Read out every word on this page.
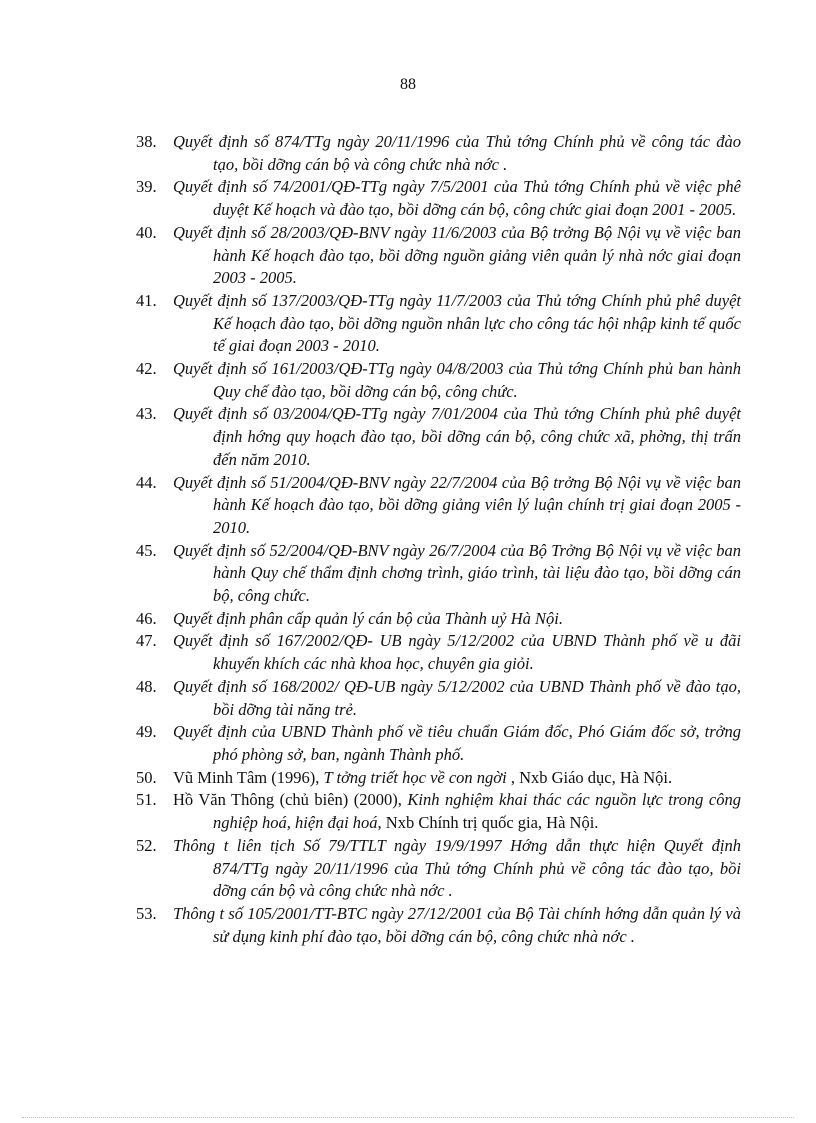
88
38. Quyết định số 874/TTg ngày 20/11/1996 của Thủ tớng Chính phủ về công tác đào tạo, bồi dỡng cán bộ và công chức nhà nớc .
39. Quyết định số 74/2001/QĐ-TTg ngày 7/5/2001 của Thủ tớng Chính phủ về việc phê duyệt Kế hoạch và đào tạo, bồi dỡng cán bộ, công chức giai đoạn 2001 - 2005.
40. Quyết định số 28/2003/QĐ-BNV ngày 11/6/2003 của Bộ trởng Bộ Nội vụ về việc ban hành Kế hoạch đào tạo, bồi dỡng nguồn giảng viên quản lý nhà nớc giai đoạn 2003 - 2005.
41. Quyết định số 137/2003/QĐ-TTg ngày 11/7/2003 của Thủ tớng Chính phủ phê duyệt Kế hoạch đào tạo, bồi dỡng nguồn nhân lực cho công tác hội nhập kinh tế quốc tế giai đoạn 2003 - 2010.
42. Quyết định số 161/2003/QĐ-TTg ngày 04/8/2003 của Thủ tớng Chính phủ ban hành Quy chế đào tạo, bồi dỡng cán bộ, công chức.
43. Quyết định số 03/2004/QĐ-TTg ngày 7/01/2004 của Thủ tớng Chính phủ phê duyệt định hớng quy hoạch đào tạo, bồi dỡng cán bộ, công chức xã, phờng, thị trấn đến năm 2010.
44. Quyết định số 51/2004/QĐ-BNV ngày 22/7/2004 của Bộ trởng Bộ Nội vụ về việc ban hành Kế hoạch đào tạo, bồi dỡng giảng viên lý luận chính trị giai đoạn 2005 - 2010.
45. Quyết định số 52/2004/QĐ-BNV ngày 26/7/2004 của Bộ Trởng Bộ Nội vụ về việc ban hành Quy chế thẩm định chơng trình, giáo trình, tài liệu đào tạo, bồi dỡng cán bộ, công chức.
46. Quyết định phân cấp quản lý cán bộ của Thành uỷ Hà Nội.
47. Quyết định số 167/2002/QĐ- UB ngày 5/12/2002 của UBND Thành phố về u đãi khuyến khích các nhà khoa học, chuyên gia giỏi.
48. Quyết định số 168/2002/ QĐ-UB ngày 5/12/2002 của UBND Thành phố về đào tạo, bồi dỡng tài năng trẻ.
49. Quyết định của UBND Thành phố về tiêu chuẩn Giám đốc, Phó Giám đốc sở, trởng phó phòng sở, ban, ngành Thành phố.
50. Vũ Minh Tâm (1996), T tởng triết học về con ngời , Nxb Giáo dục, Hà Nội.
51. Hồ Văn Thông (chủ biên) (2000), Kinh nghiệm khai thác các nguồn lực trong công nghiệp hoá, hiện đại hoá, Nxb Chính trị quốc gia, Hà Nội.
52. Thông t liên tịch Số 79/TTLT ngày 19/9/1997 Hớng dẫn thực hiện Quyết định 874/TTg ngày 20/11/1996 của Thủ tớng Chính phủ về công tác đào tạo, bồi dỡng cán bộ và công chức nhà nớc .
53. Thông t số 105/2001/TT-BTC ngày 27/12/2001 của Bộ Tài chính hớng dẫn quản lý và sử dụng kinh phí đào tạo, bồi dỡng cán bộ, công chức nhà nớc .
